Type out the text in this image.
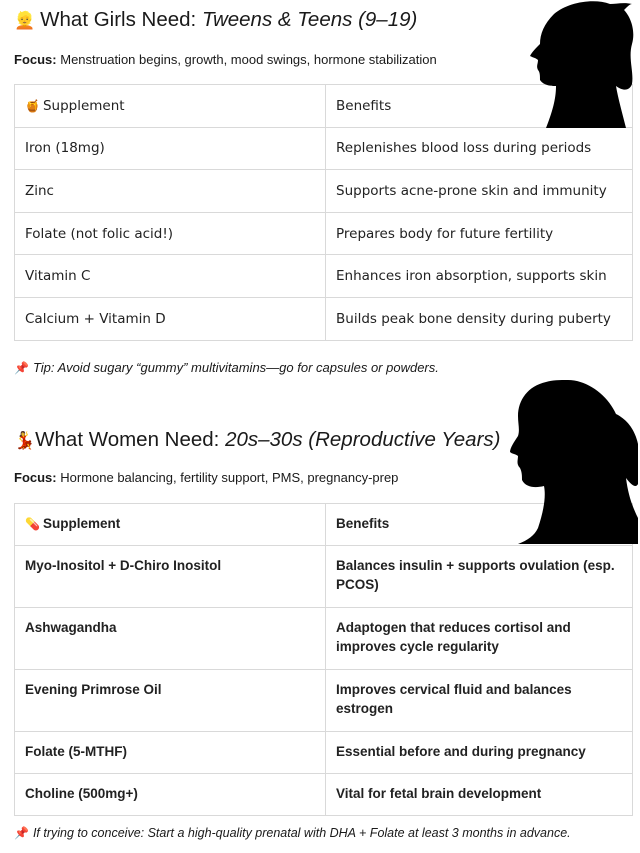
👱 What Girls Need: Tweens & Teens (9–19)
Focus: Menstruation begins, growth, mood swings, hormone stabilization
🍯 Supplement	Benefits
Iron (18mg)	Replenishes blood loss during periods
Zinc	Supports acne-prone skin and immunity
Folate (not folic acid!)	Prepares body for future fertility
Vitamin C	Enhances iron absorption, supports skin
Calcium + Vitamin D	Builds peak bone density during puberty
📌 Tip: Avoid sugary “gummy” multivitamins—go for capsules or powders.
💃What Women Need: 20s–30s (Reproductive Years)
Focus: Hormone balancing, fertility support, PMS, pregnancy-prep
💊 Supplement	Benefits
Myo-Inositol + D-Chiro Inositol	Balances insulin + supports ovulation (esp. PCOS)
Ashwagandha	Adaptogen that reduces cortisol and improves cycle regularity
Evening Primrose Oil	Improves cervical fluid and balances estrogen
Folate (5-MTHF)	Essential before and during pregnancy
Choline (500mg+)	Vital for fetal brain development
📌 If trying to conceive: Start a high-quality prenatal with DHA + Folate at least 3 months in advance.
